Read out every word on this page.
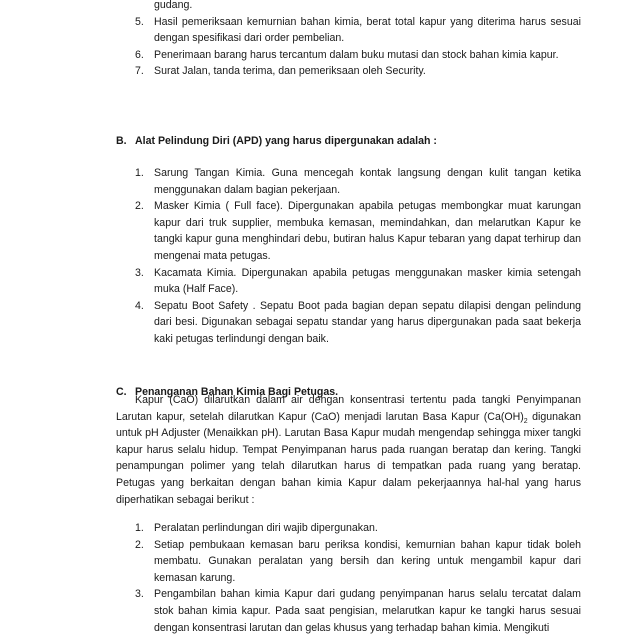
gudang.
5. Hasil pemeriksaan kemurnian bahan kimia, berat total kapur yang diterima harus sesuai dengan spesifikasi dari order pembelian.
6. Penerimaan barang harus tercantum dalam buku mutasi dan stock bahan kimia kapur.
7. Surat Jalan, tanda terima, dan pemeriksaan oleh Security.
B. Alat Pelindung Diri (APD) yang harus dipergunakan adalah :
1. Sarung Tangan Kimia. Guna mencegah kontak langsung dengan kulit tangan ketika menggunakan dalam bagian pekerjaan.
2. Masker Kimia ( Full face). Dipergunakan apabila petugas membongkar muat karungan kapur dari truk supplier, membuka kemasan, memindahkan, dan melarutkan Kapur ke tangki kapur guna menghindari debu, butiran halus Kapur tebaran yang dapat terhirup dan mengenai mata petugas.
3. Kacamata Kimia. Dipergunakan apabila petugas menggunakan masker kimia setengah muka (Half Face).
4. Sepatu Boot Safety . Sepatu Boot pada bagian depan sepatu dilapisi dengan pelindung dari besi. Digunakan sebagai sepatu standar yang harus dipergunakan pada saat bekerja kaki petugas terlindungi dengan baik.
C. Penanganan Bahan Kimia Bagi Petugas.

Kapur (CaO) dilarutkan dalam air dengan konsentrasi tertentu pada tangki Penyimpanan Larutan kapur, setelah dilarutkan Kapur (CaO) menjadi larutan Basa Kapur ($Ca(OH)_2$ digunakan untuk pH Adjuster (Menaikkan pH). Larutan Basa Kapur mudah mengendap sehingga mixer tangki kapur harus selalu hidup. Tempat Penyimpanan harus pada ruangan beratap dan kering. Tangki penampungan polimer yang telah dilarutkan harus di tempatkan pada ruang yang beratap. Petugas yang berkaitan dengan bahan kimia Kapur dalam pekerjaannya hal-hal yang harus diperhatikan sebagai berikut :

1. Peralatan perlindungan diri wajib dipergunakan.
2. Setiap pembukaan kemasan baru periksa kondisi, kemurnian bahan kapur tidak boleh membatu. Gunakan peralatan yang bersih dan kering untuk mengambil kapur dari kemasan karung.
3. Pengambilan bahan kimia Kapur dari gudang penyimpanan harus selalu tercatat dalam stok bahan kimia kapur. Pada saat pengisian, melarutkan kapur ke tangki harus sesuai dengan konsentrasi larutan dan gelas khusus yang terhadap bahan kimia. Mengikuti
